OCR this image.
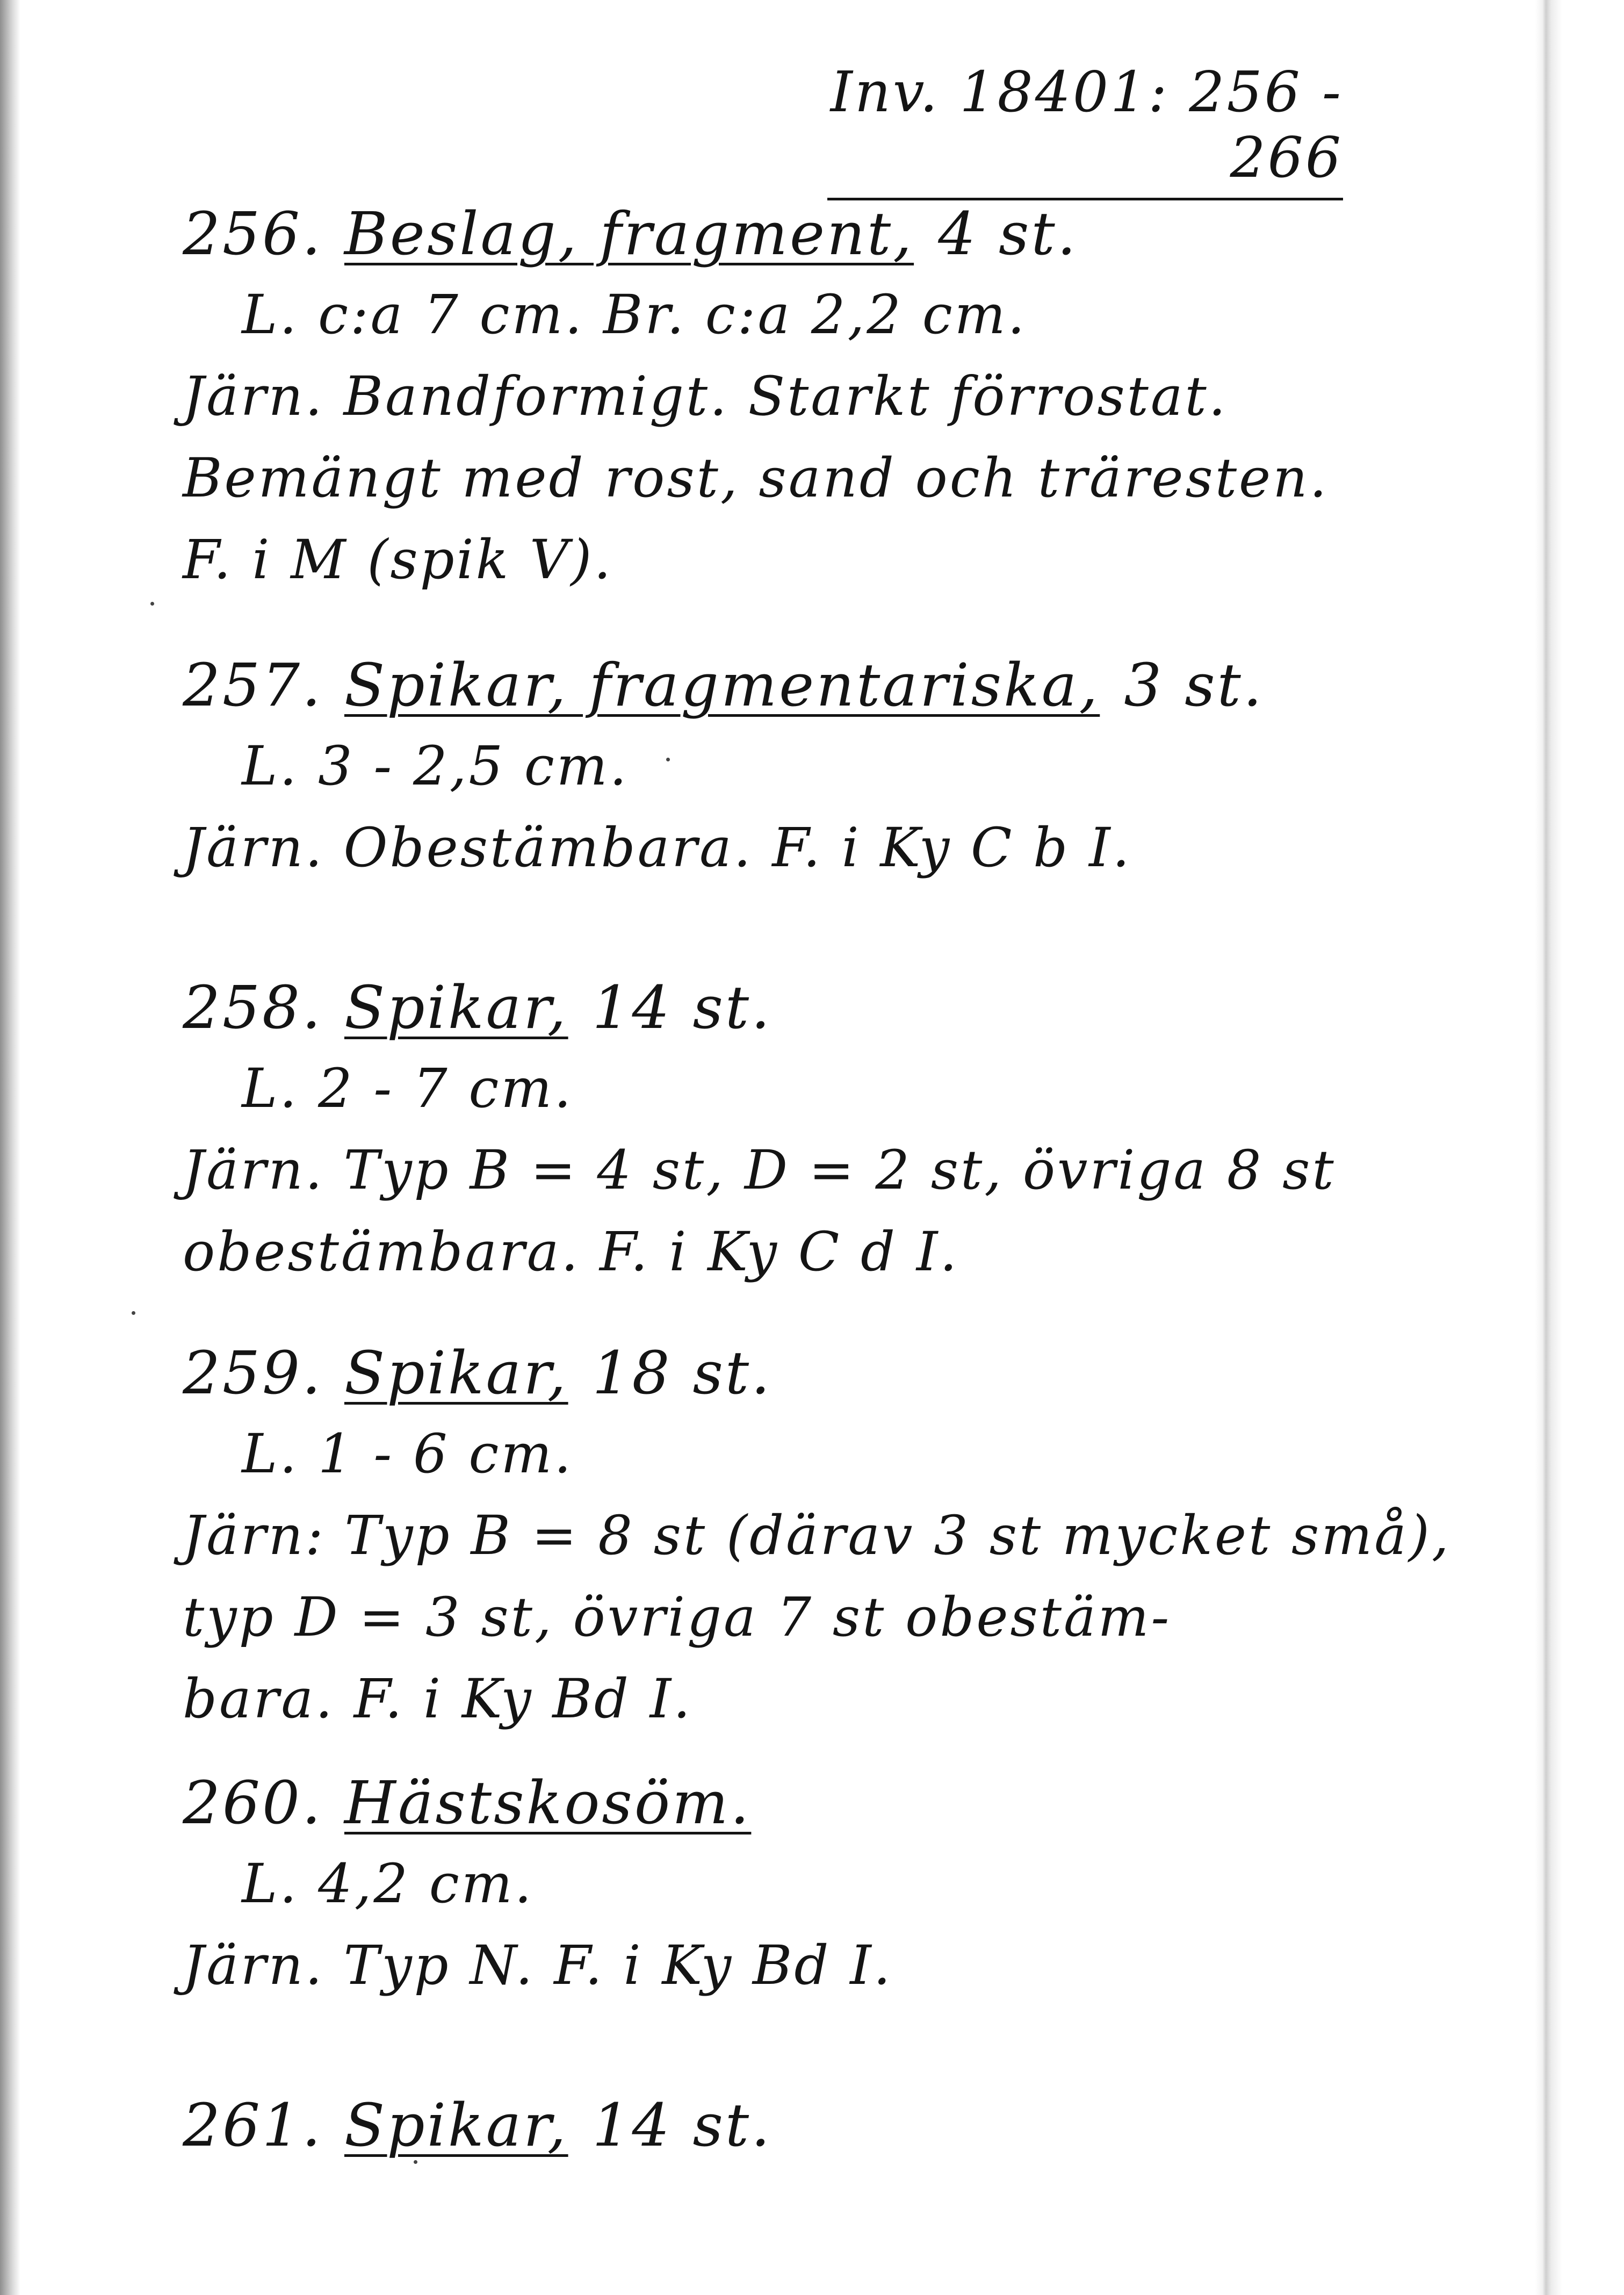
Inv. 18401: 256 - 266
256. Beslag, fragment, 4 st.
L. c:a 7 cm. Br. c:a 2,2 cm.
Järn. Bandformigt. Starkt förrostat.
Bemängt med rost, sand och träresten.
F. i M (spik V).
257. Spikar, fragmentariska, 3 st.
L. 3 - 2,5 cm.
Järn. Obestämbara. F. i Ky C b I.
258. Spikar, 14 st.
L. 2 - 7 cm.
Järn. Typ B = 4 st, D = 2 st, övriga 8 st
obestämbara. F. i Ky C d I.
259. Spikar, 18 st.
L. 1 - 6 cm.
Järn: Typ B = 8 st (därav 3 st mycket små),
typ D = 3 st, övriga 7 st obestäm-
bara. F. i Ky Bd I.
260. Hästskosöm.
L. 4,2 cm.
Järn. Typ N. F. i Ky Bd I.
261. Spikar, 14 st.
